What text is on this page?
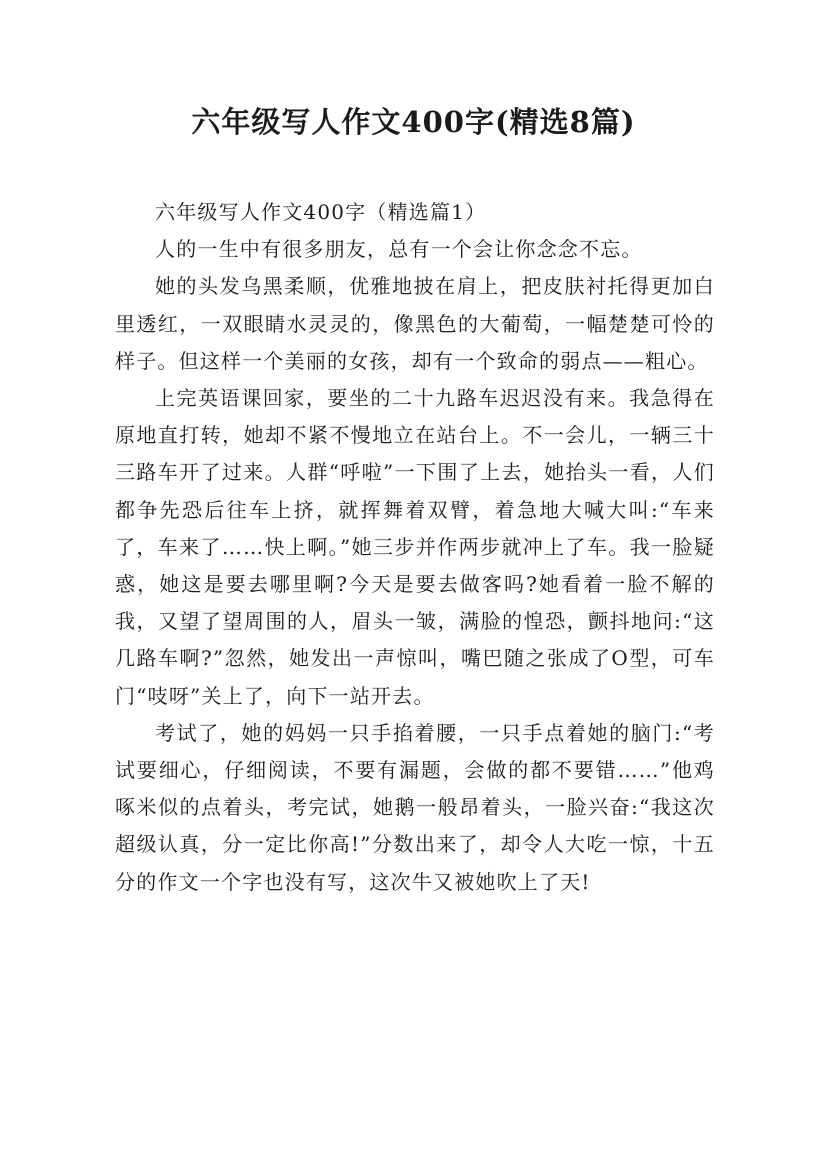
六年级写人作文400字(精选8篇)

六年级写人作文400字（精选篇1）

人的一生中有很多朋友，总有一个会让你念念不忘。

她的头发乌黑柔顺，优雅地披在肩上，把皮肤衬托得更加白里透红，一双眼睛水灵灵的，像黑色的大葡萄，一幅楚楚可怜的样子。但这样一个美丽的女孩，却有一个致命的弱点——粗心。

上完英语课回家，要坐的二十九路车迟迟没有来。我急得在原地直打转，她却不紧不慢地立在站台上。不一会儿，一辆三十三路车开了过来。人群“呼啦”一下围了上去，她抬头一看，人们都争先恐后往车上挤，就挥舞着双臂，着急地大喊大叫:“车来了，车来了……快上啊。”她三步并作两步就冲上了车。我一脸疑惑，她这是要去哪里啊?今天是要去做客吗?她看着一脸不解的我，又望了望周围的人，眉头一皱，满脸的惶恐，颤抖地问:“这几路车啊?”忽然，她发出一声惊叫，嘴巴随之张成了O型，可车门“吱呀”关上了，向下一站开去。

考试了，她的妈妈一只手掐着腰，一只手点着她的脑门:“考试要细心，仔细阅读，不要有漏题，会做的都不要错……”他鸡啄米似的点着头，考完试，她鹅一般昂着头，一脸兴奋:“我这次超级认真，分一定比你高!”分数出来了，却令人大吃一惊，十五分的作文一个字也没有写，这次牛又被她吹上了天!
